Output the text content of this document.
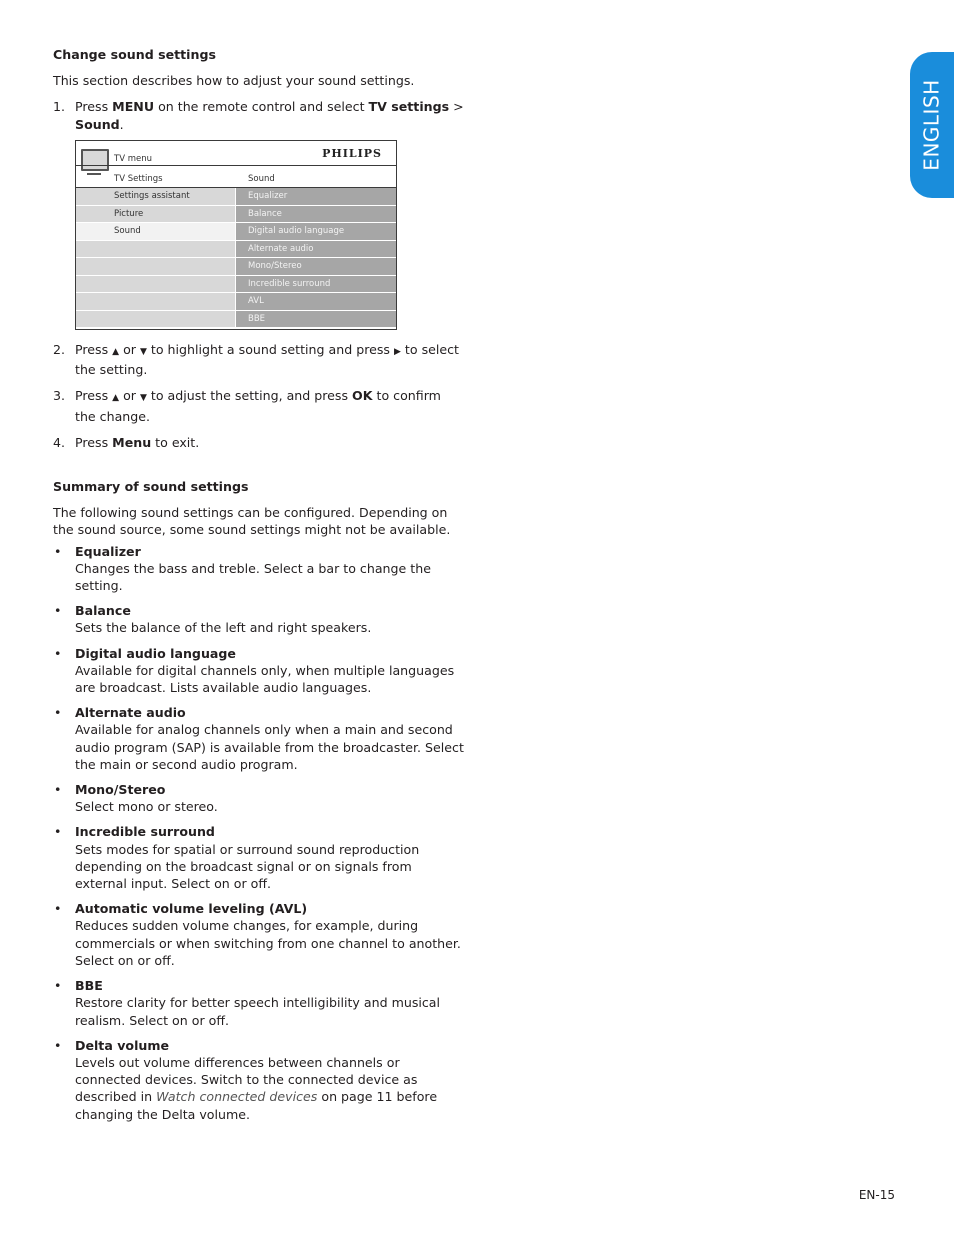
Change sound settings

This section describes how to adjust your sound settings.

1. Press MENU on the remote control and select TV settings > Sound.
TV menu	PHILIPS
TV Settings	Sound
Settings assistant
Picture
Sound
Equalizer
Balance
Digital audio language
Alternate audio
Mono/Stereo
Incredible surround
AVL
BBE
2. Press ▲ or ▼ to highlight a sound setting and press ▶ to select the setting.
3. Press ▲ or ▼ to adjust the setting, and press OK to confirm the change.
4. Press Menu to exit.

Summary of sound settings

The following sound settings can be configured. Depending on the sound source, some sound settings might not be available.

• Equalizer
Changes the bass and treble. Select a bar to change the setting.
• Balance
Sets the balance of the left and right speakers.
• Digital audio language
Available for digital channels only, when multiple languages are broadcast. Lists available audio languages.
• Alternate audio
Available for analog channels only when a main and second audio program (SAP) is available from the broadcaster. Select the main or second audio program.
• Mono/Stereo
Select mono or stereo.
• Incredible surround
Sets modes for spatial or surround sound reproduction depending on the broadcast signal or on signals from external input. Select on or off.
• Automatic volume leveling (AVL)
Reduces sudden volume changes, for example, during commercials or when switching from one channel to another. Select on or off.
• BBE
Restore clarity for better speech intelligibility and musical realism. Select on or off.
• Delta volume
Levels out volume differences between channels or connected devices. Switch to the connected device as described in Watch connected devices on page 11 before changing the Delta volume.
ENGLISH
EN-15
